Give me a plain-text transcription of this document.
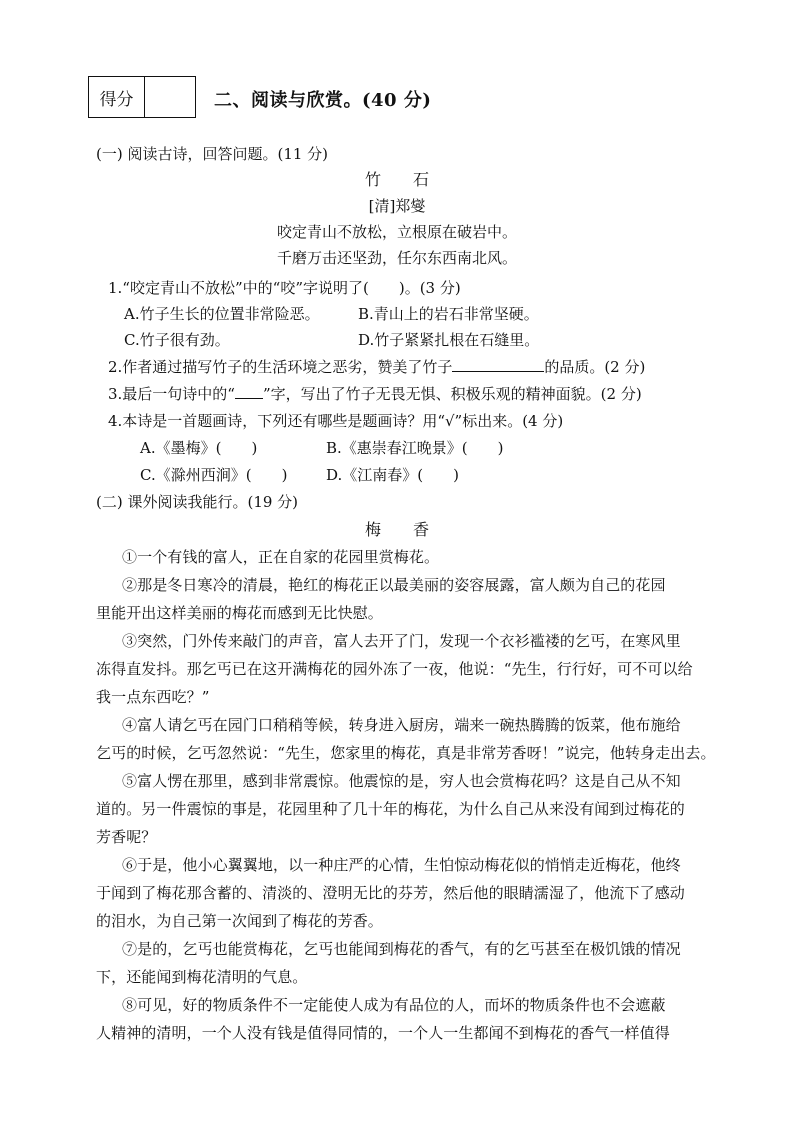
得分	二、阅读与欣赏。(40 分)
(一) 阅读古诗，回答问题。(11 分)
竹　　石
[清]郑燮
咬定青山不放松，立根原在破岩中。
千磨万击还坚劲，任尔东西南北风。
1.“咬定青山不放松”中的“咬”字说明了(　　)。(3 分)
A.竹子生长的位置非常险恶。	B.青山上的岩石非常坚硬。
C.竹子很有劲。	D.竹子紧紧扎根在石缝里。
2.作者通过描写竹子的生活环境之恶劣，赞美了竹子	的品质。(2 分)
3.最后一句诗中的“ ”字，写出了竹子无畏无惧、积极乐观的精神面貌。(2 分)
4.本诗是一首题画诗，下列还有哪些是题画诗？用“√”标出来。(4 分)
A.《墨梅》(　　)	B.《惠崇春江晚景》(　　)
C.《滁州西涧》(　　)	D.《江南春》(　　)
(二) 课外阅读我能行。(19 分)
梅　　香
①一个有钱的富人，正在自家的花园里赏梅花。
②那是冬日寒冷的清晨，艳红的梅花正以最美丽的姿容展露，富人颇为自己的花园
里能开出这样美丽的梅花而感到无比快慰。
③突然，门外传来敲门的声音，富人去开了门，发现一个衣衫褴褛的乞丐，在寒风里
冻得直发抖。那乞丐已在这开满梅花的园外冻了一夜，他说：“先生，行行好，可不可以给
我一点东西吃？”
④富人请乞丐在园门口稍稍等候，转身进入厨房，端来一碗热腾腾的饭菜，他布施给
乞丐的时候，乞丐忽然说：“先生，您家里的梅花，真是非常芳香呀！”说完，他转身走出去。
⑤富人愣在那里，感到非常震惊。他震惊的是，穷人也会赏梅花吗？这是自己从不知
道的。另一件震惊的事是，花园里种了几十年的梅花，为什么自己从来没有闻到过梅花的
芳香呢？
⑥于是，他小心翼翼地，以一种庄严的心情，生怕惊动梅花似的悄悄走近梅花，他终
于闻到了梅花那含蓄的、清淡的、澄明无比的芬芳，然后他的眼睛濡湿了，他流下了感动
的泪水，为自己第一次闻到了梅花的芳香。
⑦是的，乞丐也能赏梅花，乞丐也能闻到梅花的香气，有的乞丐甚至在极饥饿的情况
下，还能闻到梅花清明的气息。
⑧可见，好的物质条件不一定能使人成为有品位的人，而坏的物质条件也不会遮蔽
人精神的清明，一个人没有钱是值得同情的，一个人一生都闻不到梅花的香气一样值得
